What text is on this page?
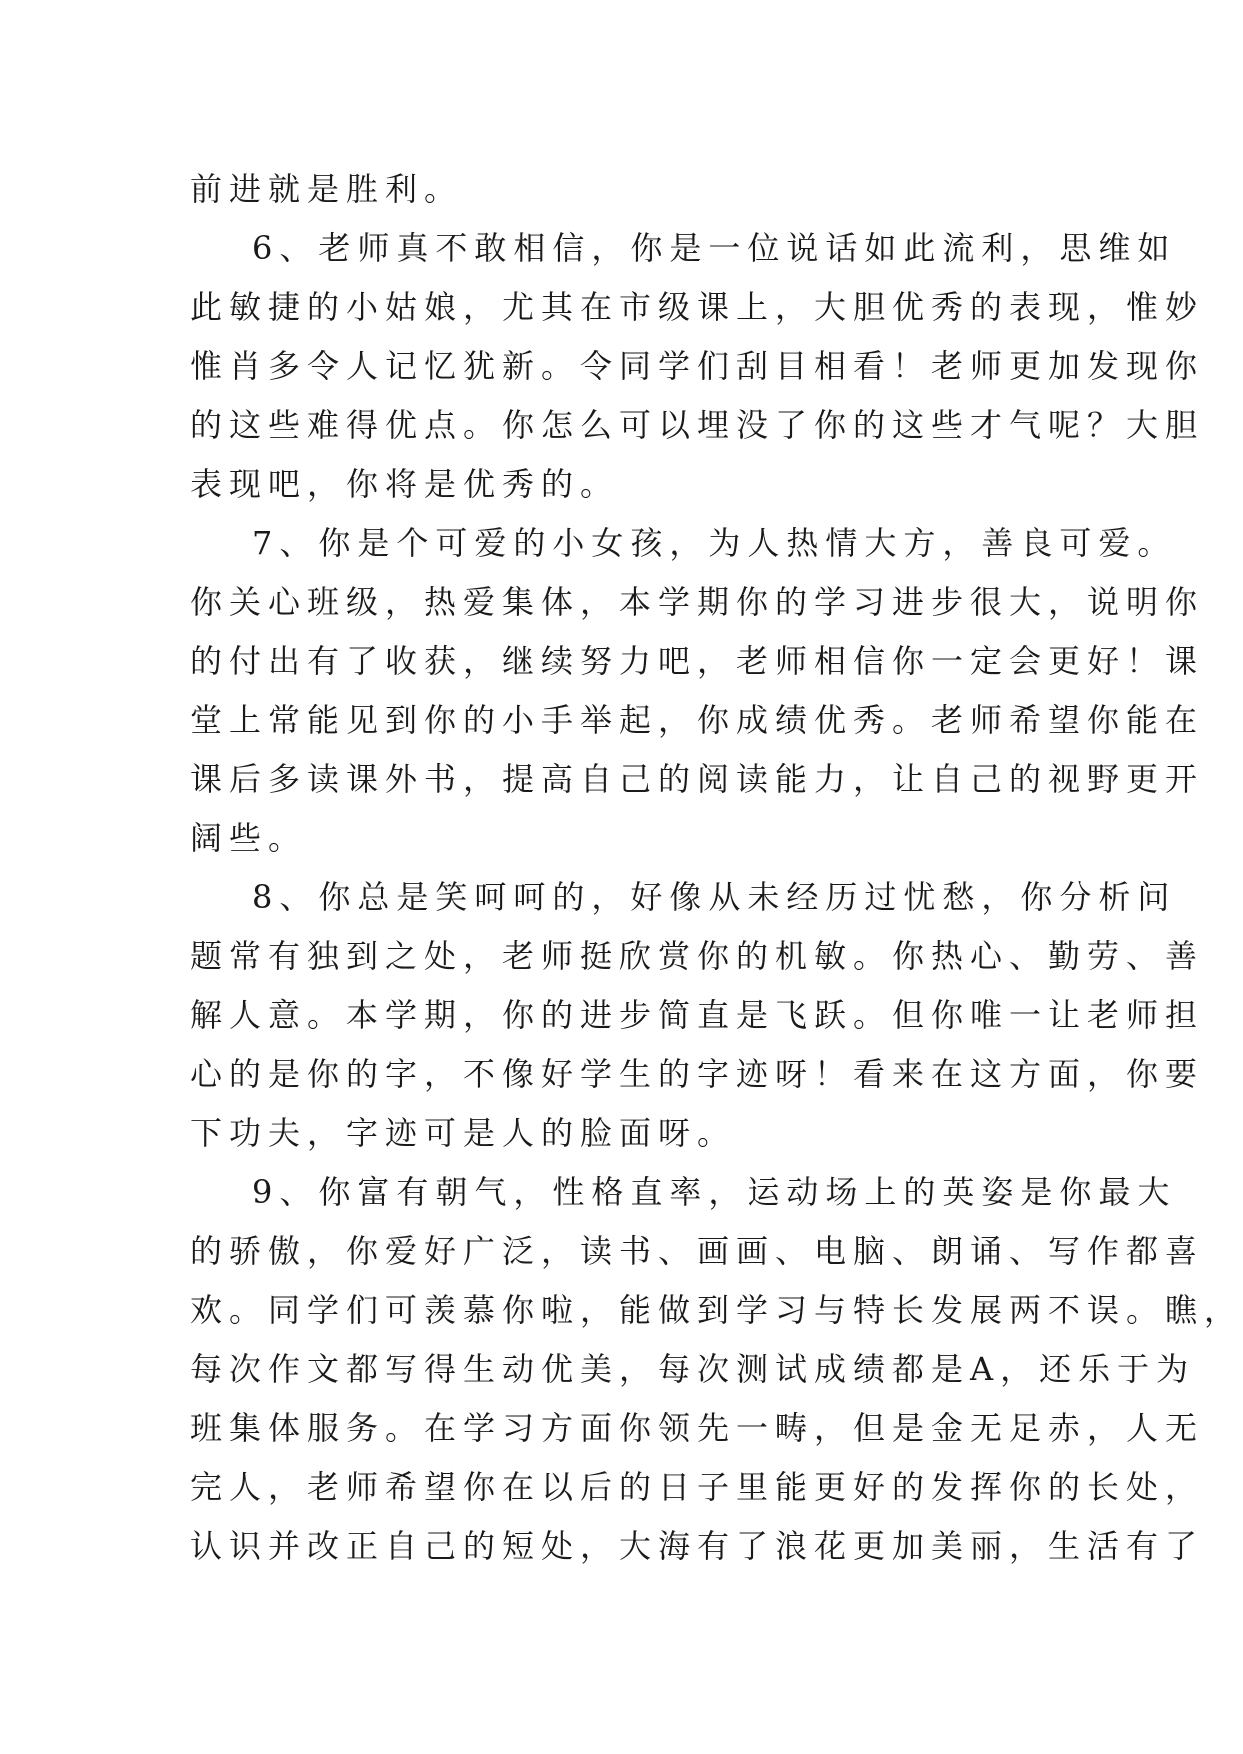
前进就是胜利。
6、老师真不敢相信，你是一位说话如此流利，思维如
此敏捷的小姑娘，尤其在市级课上，大胆优秀的表现，惟妙
惟肖多令人记忆犹新。令同学们刮目相看！老师更加发现你
的这些难得优点。你怎么可以埋没了你的这些才气呢？大胆
表现吧，你将是优秀的。
7、你是个可爱的小女孩，为人热情大方，善良可爱。
你关心班级，热爱集体，本学期你的学习进步很大，说明你
的付出有了收获，继续努力吧，老师相信你一定会更好！课
堂上常能见到你的小手举起，你成绩优秀。老师希望你能在
课后多读课外书，提高自己的阅读能力，让自己的视野更开
阔些。
8、你总是笑呵呵的，好像从未经历过忧愁，你分析问
题常有独到之处，老师挺欣赏你的机敏。你热心、勤劳、善
解人意。本学期，你的进步简直是飞跃。但你唯一让老师担
心的是你的字，不像好学生的字迹呀！看来在这方面，你要
下功夫，字迹可是人的脸面呀。
9、你富有朝气，性格直率，运动场上的英姿是你最大
的骄傲，你爱好广泛，读书、画画、电脑、朗诵、写作都喜
欢。同学们可羡慕你啦，能做到学习与特长发展两不误。瞧，
每次作文都写得生动优美，每次测试成绩都是A，还乐于为
班集体服务。在学习方面你领先一畴，但是金无足赤，人无
完人，老师希望你在以后的日子里能更好的发挥你的长处，
认识并改正自己的短处，大海有了浪花更加美丽，生活有了
